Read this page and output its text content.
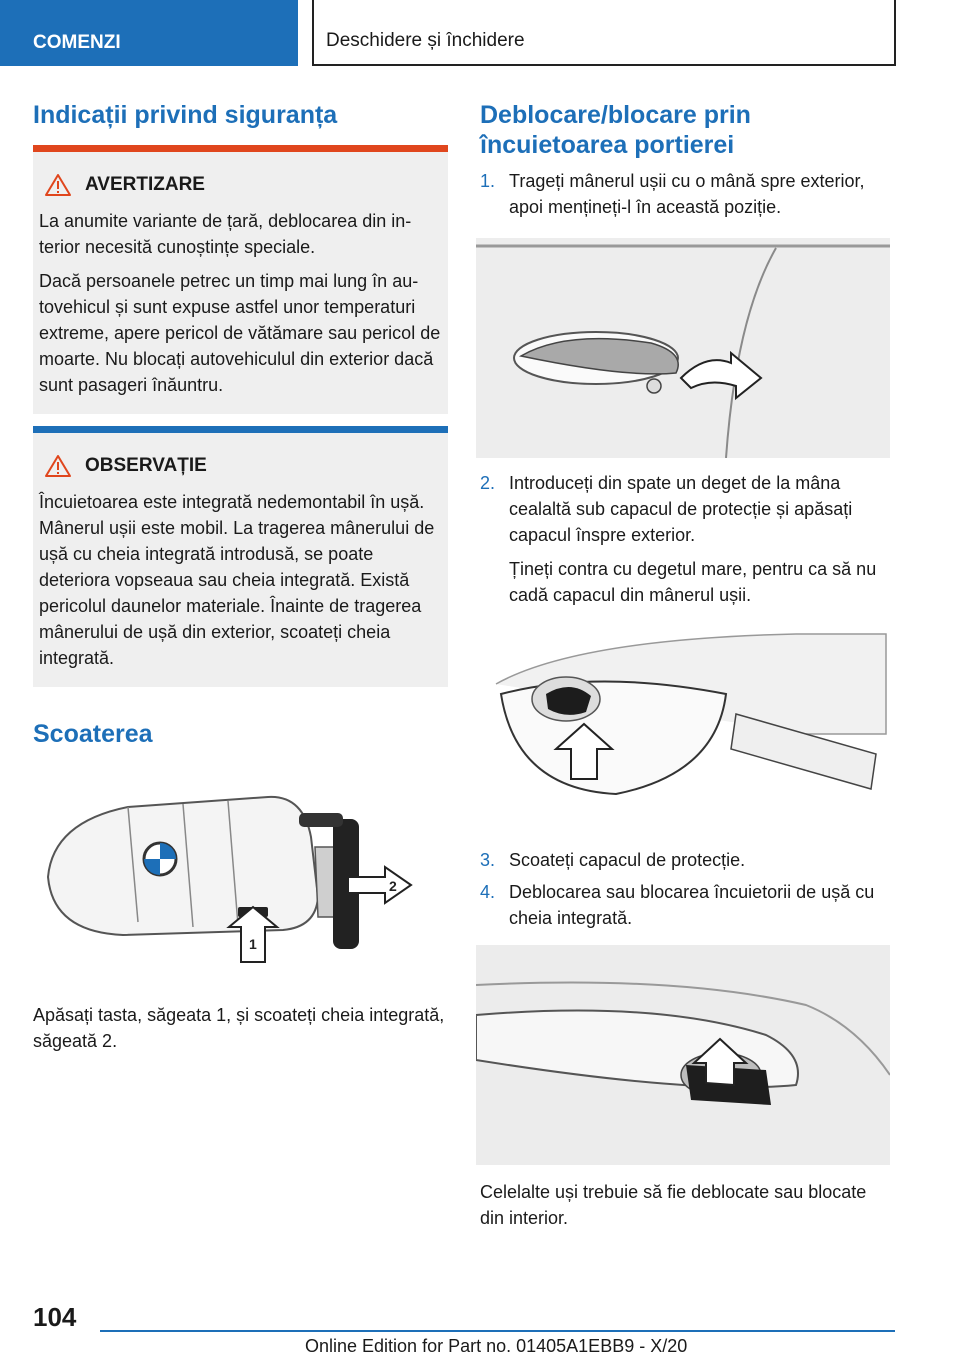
COMENZI	Deschidere și închidere
Indicații privind siguranța
AVERTIZARE

La anumite variante de țară, deblocarea din interior necesită cunoștințe speciale.

Dacă persoanele petrec un timp mai lung în autovehicul și sunt expuse astfel unor temperaturi extreme, apere pericol de vătămare sau pericol de moarte. Nu blocați autovehiculul din exterior dacă sunt pasageri înăuntru.

OBSERVAȚIE

Încuietoarea este integrată nedemontabil în ușă. Mânerul ușii este mobil. La tragerea mânerului de ușă cu cheia integrată introdusă, se poate deteriora vopseaua sau cheia integrată. Există pericolul daunelor materiale. Înainte de tragerea mânerului de ușă din exterior, scoateți cheia integrată.

Scoaterea
2
1

Apăsați tasta, săgeata 1, și scoateți cheia integrată, săgeată 2.

Deblocare/blocare prin încuietoarea portierei
1. Trageți mânerul ușii cu o mână spre exterior, apoi mențineți-l în această poziție.

2. Introduceți din spate un deget de la mâna cealaltă sub capacul de protecție și apăsați capacul înspre exterior.

Țineți contra cu degetul mare, pentru ca să nu cadă capacul din mânerul ușii.

3. Scoateți capacul de protecție.

4. Deblocarea sau blocarea încuietorii de ușă cu cheia integrată.

Celelalte uși trebuie să fie deblocate sau blocate din interior.

104
Online Edition for Part no. 01405A1EBB9 - X/20
